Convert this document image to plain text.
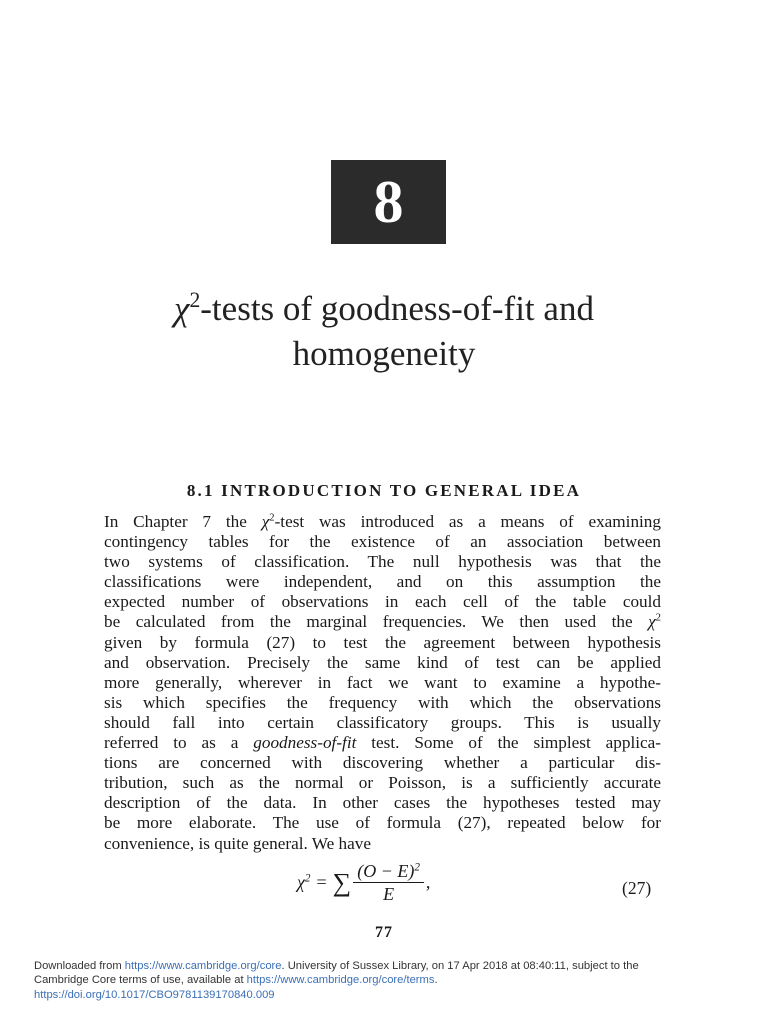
8
$\chi^2$-tests of goodness-of-fit and
homogeneity
8.1 INTRODUCTION TO GENERAL IDEA
In Chapter 7 the $\chi^2$-test was introduced as a means of examining
contingency tables for the existence of an association between
two systems of classification. The null hypothesis was that the
classifications were independent, and on this assumption the
expected number of observations in each cell of the table could
be calculated from the marginal frequencies. We then used the $\chi^2$
given by formula (27) to test the agreement between hypothesis
and observation. Precisely the same kind of test can be applied
more generally, wherever in fact we want to examine a hypothe-
sis which specifies the frequency with which the observations
should fall into certain classificatory groups. This is usually
referred to as a goodness-of-fit test. Some of the simplest applica-
tions are concerned with discovering whether a particular dis-
tribution, such as the normal or Poisson, is a sufficiently accurate
description of the data. In other cases the hypotheses tested may
be more elaborate. The use of formula (27), repeated below for
convenience, is quite general. We have
$\chi^2$ = ∑ $\frac{(O - E)^2}{E}$ ,	(27)
77
Downloaded from https://www.cambridge.org/core. University of Sussex Library, on 17 Apr 2018 at 08:40:11, subject to the
Cambridge Core terms of use, available at https://www.cambridge.org/core/terms.
https://doi.org/10.1017/CBO9781139170840.009
